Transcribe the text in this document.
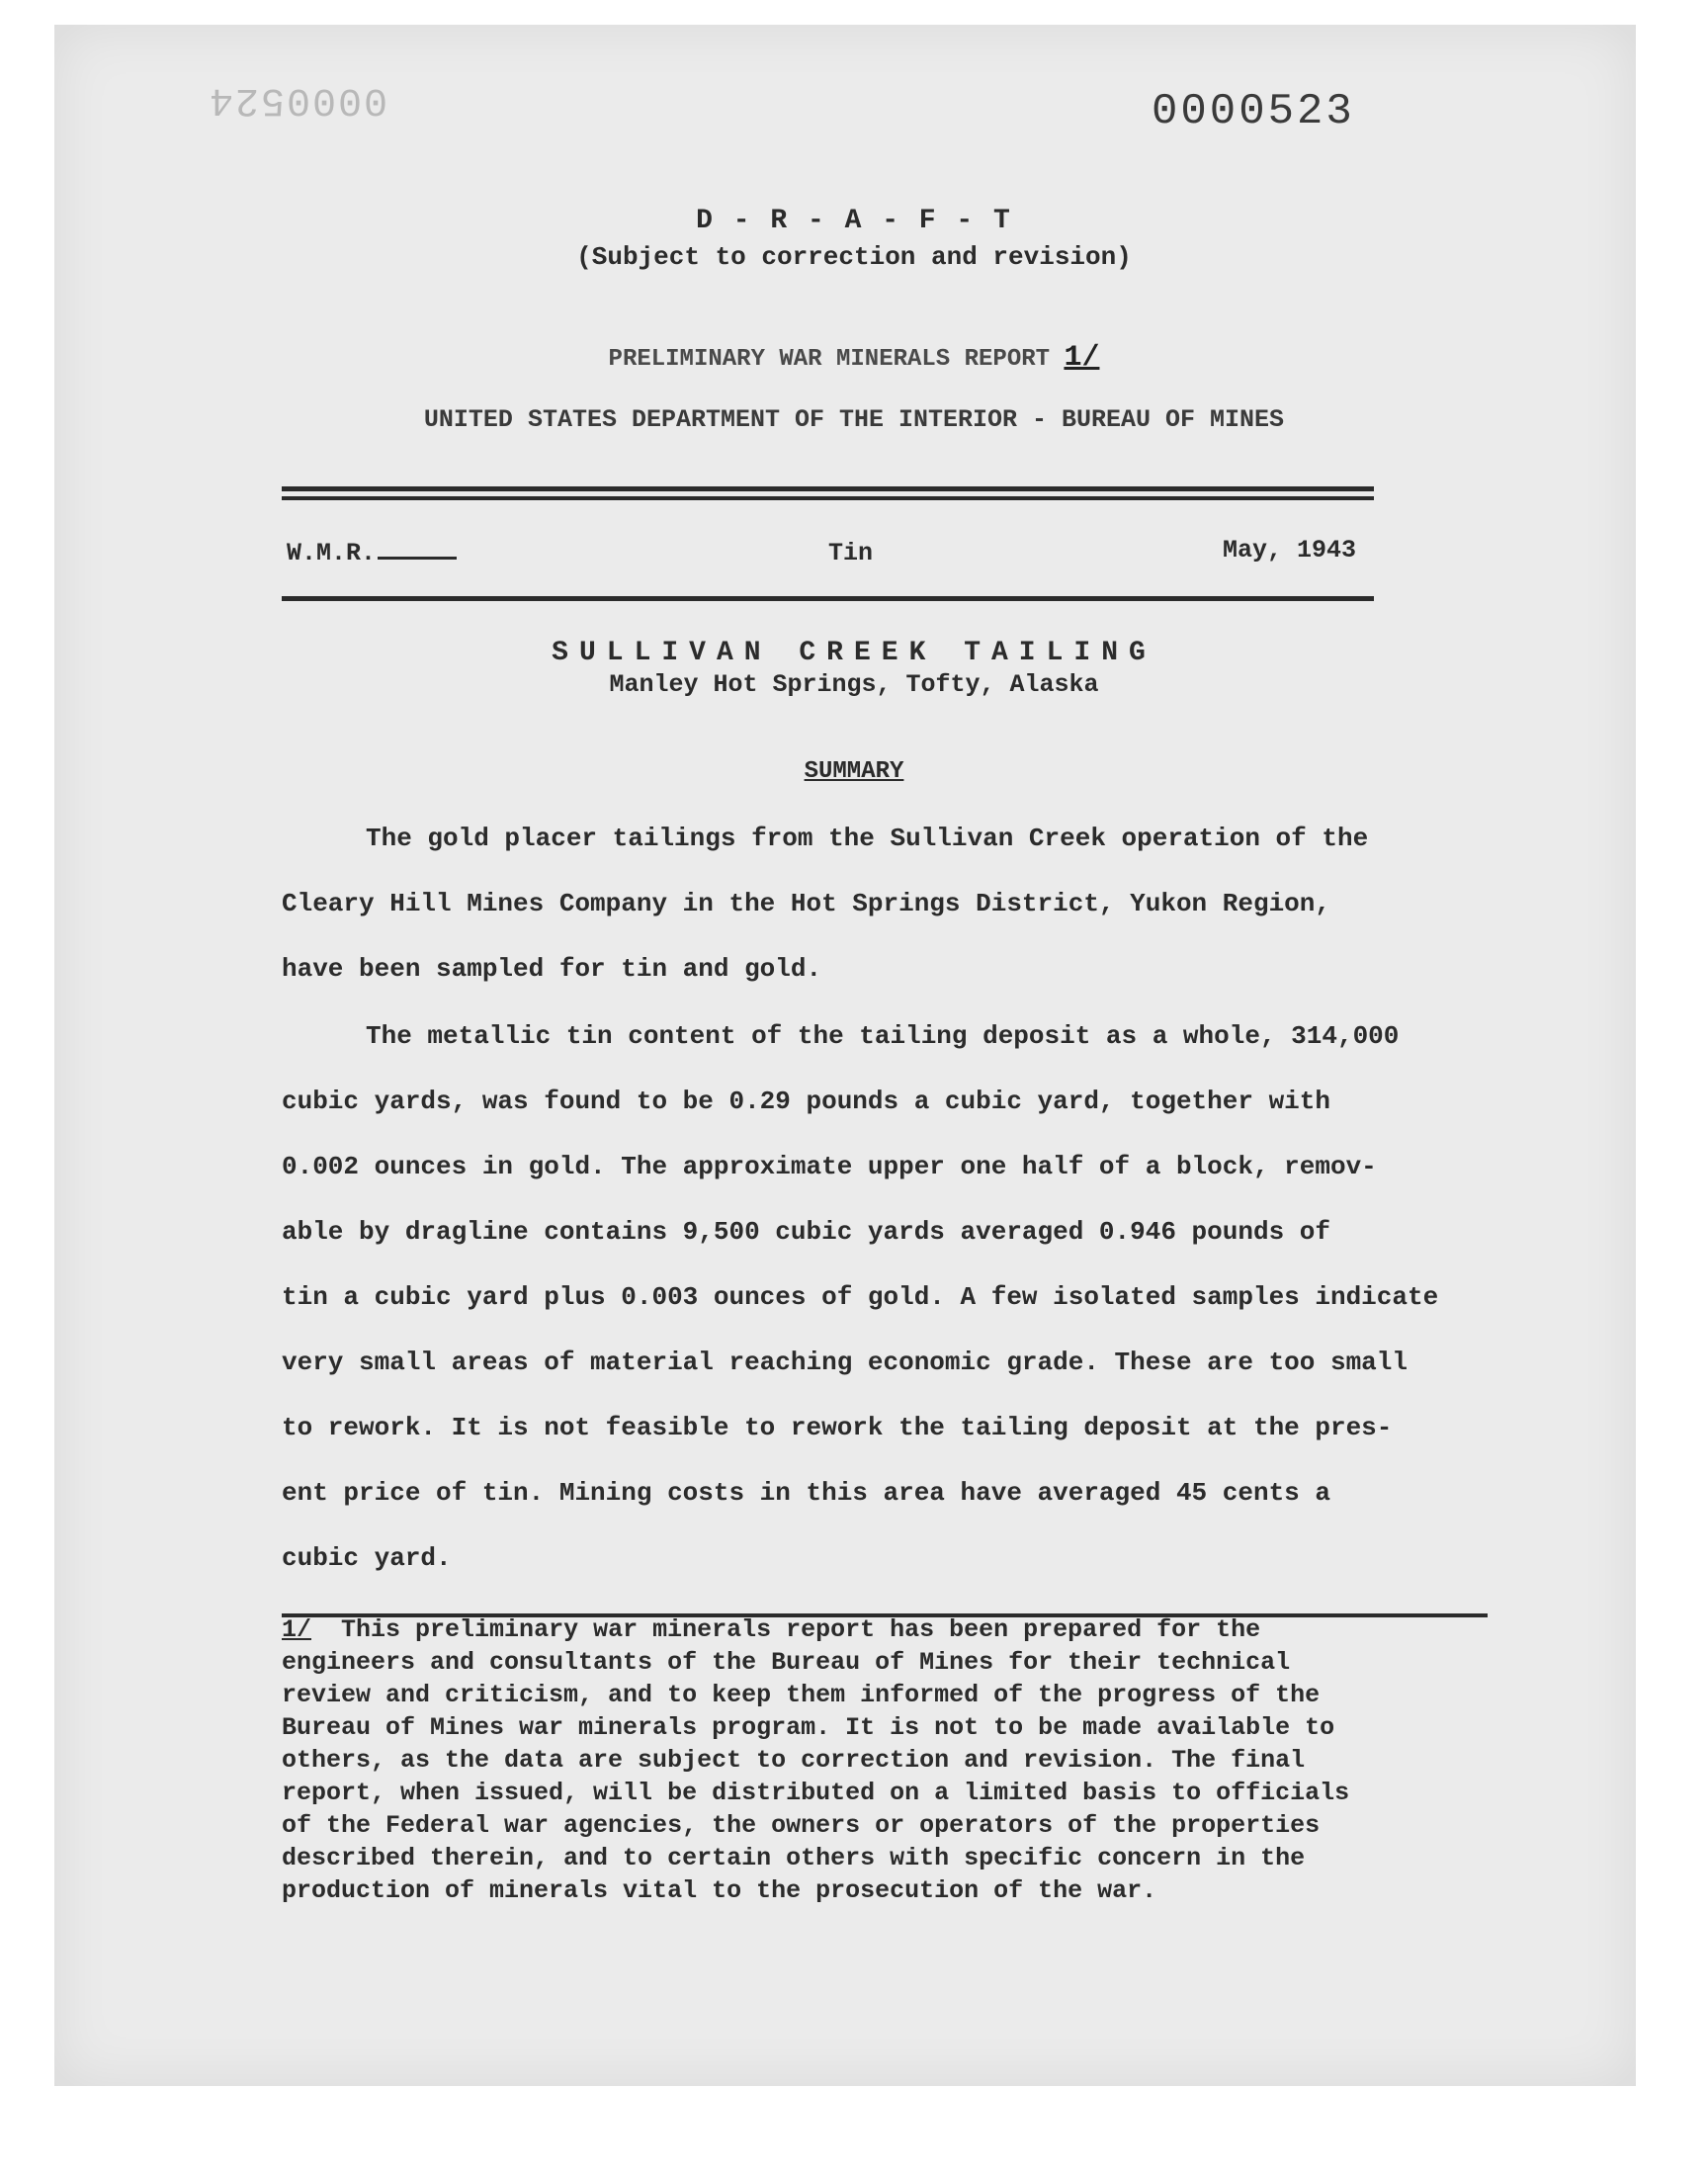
0000524	0000523
D - R - A - F - T
(Subject to correction and revision)
PRELIMINARY WAR MINERALS REPORT 1/
UNITED STATES DEPARTMENT OF THE INTERIOR - BUREAU OF MINES
W.M.R.	Tin	May, 1943
SULLIVAN CREEK TAILING
Manley Hot Springs, Tofty, Alaska
SUMMARY

The gold placer tailings from the Sullivan Creek operation of the

Cleary Hill Mines Company in the Hot Springs District, Yukon Region,

have been sampled for tin and gold.

The metallic tin content of the tailing deposit as a whole, 314,000

cubic yards, was found to be 0.29 pounds a cubic yard, together with

0.002 ounces in gold. The approximate upper one half of a block, remov-

able by dragline contains 9,500 cubic yards averaged 0.946 pounds of

tin a cubic yard plus 0.003 ounces of gold. A few isolated samples indicate

very small areas of material reaching economic grade. These are too small

to rework. It is not feasible to rework the tailing deposit at the pres-

ent price of tin. Mining costs in this area have averaged 45 cents a

cubic yard.

1/ This preliminary war minerals report has been prepared for the

engineers and consultants of the Bureau of Mines for their technical

review and criticism, and to keep them informed of the progress of the

Bureau of Mines war minerals program. It is not to be made available to

others, as the data are subject to correction and revision. The final

report, when issued, will be distributed on a limited basis to officials

of the Federal war agencies, the owners or operators of the properties

described therein, and to certain others with specific concern in the

production of minerals vital to the prosecution of the war.
